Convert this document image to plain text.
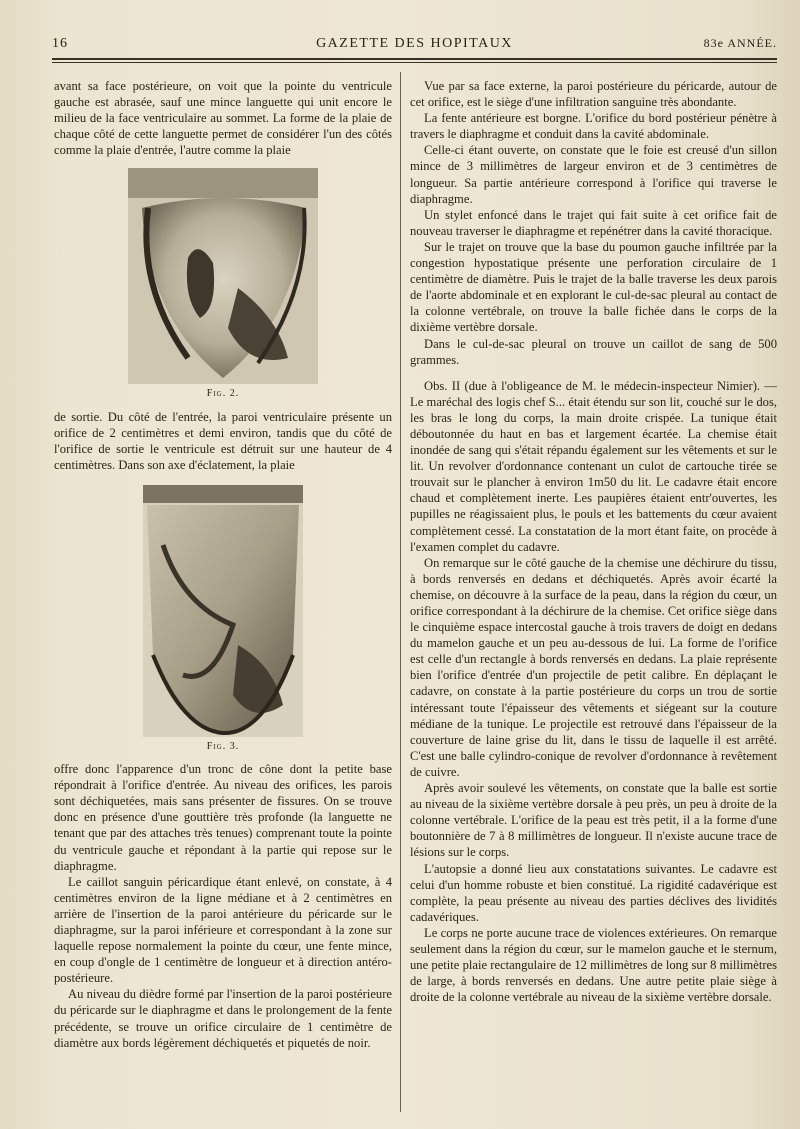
16	GAZETTE DES HOPITAUX	83e ANNÉE.

avant sa face postérieure, on voit que la pointe du ventricule gauche est abrasée, sauf une mince languette qui unit encore le milieu de la face ventriculaire au sommet. La forme de la plaie de chaque côté de cette languette permet de considérer l'un des côtés comme la plaie d'entrée, l'autre comme la plaie

Fig. 2.

de sortie. Du côté de l'entrée, la paroi ventriculaire présente un orifice de 2 centimètres et demi environ, tandis que du côté de l'orifice de sortie le ventricule est détruit sur une hauteur de 4 centimètres. Dans son axe d'éclatement, la plaie

Fig. 3.

offre donc l'apparence d'un tronc de cône dont la petite base répondrait à l'orifice d'entrée. Au niveau des orifices, les parois sont déchiquetées, mais sans présenter de fissures. On se trouve donc en présence d'une gouttière très profonde (la languette ne tenant que par des attaches très tenues) comprenant toute la pointe du ventricule gauche et répondant à la partie qui repose sur le diaphragme.

Le caillot sanguin péricardique étant enlevé, on constate, à 4 centimètres environ de la ligne médiane et à 2 centimètres en arrière de l'insertion de la paroi antérieure du péricarde sur le diaphragme, sur la paroi inférieure et correspondant à la zone sur laquelle repose normalement la pointe du cœur, une fente mince, en coup d'ongle de 1 centimètre de longueur et à direction antéro-postérieure.

Au niveau du dièdre formé par l'insertion de la paroi postérieure du péricarde sur le diaphragme et dans le prolongement de la fente précédente, se trouve un orifice circulaire de 1 centimètre de diamètre aux bords légèrement déchiquetés et piquetés de noir.

Vue par sa face externe, la paroi postérieure du péricarde, autour de cet orifice, est le siège d'une infiltration sanguine très abondante.

La fente antérieure est borgne. L'orifice du bord postérieur pénètre à travers le diaphragme et conduit dans la cavité abdominale.

Celle-ci étant ouverte, on constate que le foie est creusé d'un sillon mince de 3 millimètres de largeur environ et de 3 centimètres de longueur. Sa partie antérieure correspond à l'orifice qui traverse le diaphragme.

Un stylet enfoncé dans le trajet qui fait suite à cet orifice fait de nouveau traverser le diaphragme et repénétrer dans la cavité thoracique.

Sur le trajet on trouve que la base du poumon gauche infiltrée par la congestion hypostatique présente une perforation circulaire de 1 centimètre de diamètre. Puis le trajet de la balle traverse les deux parois de l'aorte abdominale et en explorant le cul-de-sac pleural au contact de la colonne vertébrale, on trouve la balle fichée dans le corps de la dixième vertèbre dorsale.

Dans le cul-de-sac pleural on trouve un caillot de sang de 500 grammes.

Obs. II (due à l'obligeance de M. le médecin-inspecteur Nimier). — Le maréchal des logis chef S... était étendu sur son lit, couché sur le dos, les bras le long du corps, la main droite crispée. La tunique était déboutonnée du haut en bas et largement écartée. La chemise était inondée de sang qui s'était répandu également sur les vêtements et sur le lit. Un revolver d'ordonnance contenant un culot de cartouche tirée se trouvait sur le plancher à environ 1m50 du lit. Le cadavre était encore chaud et complètement inerte. Les paupières étaient entr'ouvertes, les pupilles ne réagissaient plus, le pouls et les battements du cœur avaient complètement cessé. La constatation de la mort étant faite, on procède à l'examen complet du cadavre.

On remarque sur le côté gauche de la chemise une déchirure du tissu, à bords renversés en dedans et déchiquetés. Après avoir écarté la chemise, on découvre à la surface de la peau, dans la région du cœur, un orifice correspondant à la déchirure de la chemise. Cet orifice siège dans le cinquième espace intercostal gauche à trois travers de doigt en dedans du mamelon gauche et un peu au-dessous de lui. La forme de l'orifice est celle d'un rectangle à bords renversés en dedans. La plaie représente bien l'orifice d'entrée d'un projectile de petit calibre. En déplaçant le cadavre, on constate à la partie postérieure du corps un trou de sortie intéressant toute l'épaisseur des vêtements et siégeant sur la couture médiane de la tunique. Le projectile est retrouvé dans l'épaisseur de la couverture de laine grise du lit, dans le tissu de laquelle il est arrêté. C'est une balle cylindro-conique de revolver d'ordonnance à revêtement de cuivre.

Après avoir soulevé les vêtements, on constate que la balle est sortie au niveau de la sixième vertèbre dorsale à peu près, un peu à droite de la colonne vertébrale. L'orifice de la peau est très petit, il a la forme d'une boutonnière de 7 à 8 millimètres de longueur. Il n'existe aucune trace de lésions sur le corps.

L'autopsie a donné lieu aux constatations suivantes. Le cadavre est celui d'un homme robuste et bien constitué. La rigidité cadavérique est complète, la peau présente au niveau des parties déclives des lividités cadavériques.

Le corps ne porte aucune trace de violences extérieures. On remarque seulement dans la région du cœur, sur le mamelon gauche et le sternum, une petite plaie rectangulaire de 12 millimètres de long sur 8 millimètres de large, à bords renversés en dedans. Une autre petite plaie siège à droite de la colonne vertébrale au niveau de la sixième vertèbre dorsale.
